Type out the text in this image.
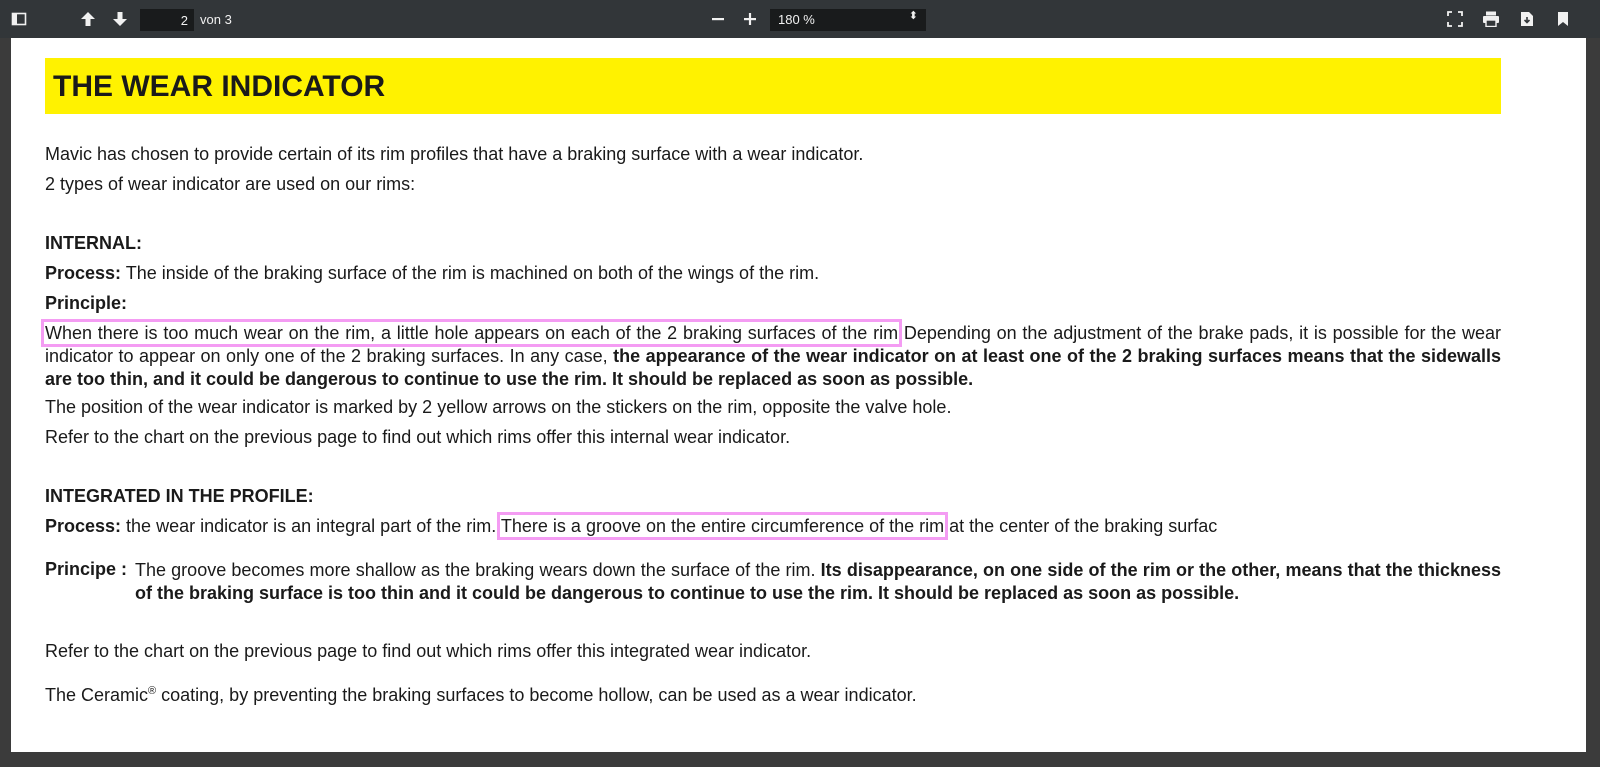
2
von 3	180 %	⬍
THE WEAR INDICATOR
Mavic has chosen to provide certain of its rim profiles that have a braking surface with a wear indicator.
2 types of wear indicator are used on our rims:
INTERNAL:
Process: The inside of the braking surface of the rim is machined on both of the wings of the rim.
Principle:
When there is too much wear on the rim, a little hole appears on each of the 2 braking surfaces of the rim Depending on the adjustment of the brake pads, it is possible for the wear indicator to appear on only one of the 2 braking surfaces. In any case, the appearance of the wear indicator on at least one of the 2 braking surfaces means that the sidewalls are too thin, and it could be dangerous to continue to use the rim. It should be replaced as soon as possible.
The position of the wear indicator is marked by 2 yellow arrows on the stickers on the rim, opposite the valve hole.
Refer to the chart on the previous page to find out which rims offer this internal wear indicator.
INTEGRATED IN THE PROFILE:
Process: the wear indicator is an integral part of the rim. There is a groove on the entire circumference of the rim at the center of the braking surfac
Principe : The groove becomes more shallow as the braking wears down the surface of the rim. Its disappearance, on one side of the rim or the other, means that the thickness of the braking surface is too thin and it could be dangerous to continue to use the rim. It should be replaced as soon as possible.
Refer to the chart on the previous page to find out which rims offer this integrated wear indicator.
The Ceramic® coating, by preventing the braking surfaces to become hollow, can be used as a wear indicator.
